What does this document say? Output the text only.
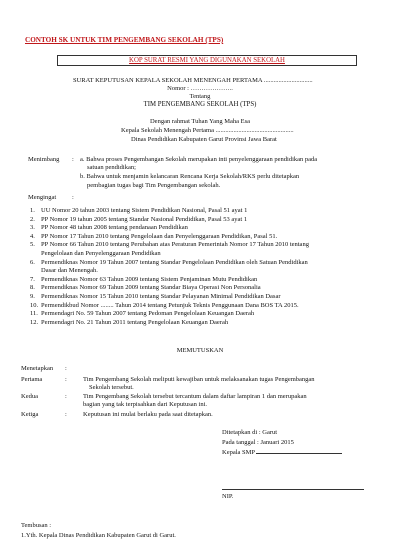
CONTOH SK UNTUK TIM PENGEMBANG SEKOLAH (TPS)
KOP SURAT RESMI YANG DIGUNAKAN SEKOLAH
SURAT KEPUTUSAN KEPALA SEKOLAH MENENGAH PERTAMA ..............................
Nomor : ………………..
Tentang
TIM PENGEMBANG SEKOLAH (TPS)
Dengan rahmat Tuhan Yang Maha Esa
Kepala Sekolah Menengah Pertama ................................................
Dinas Pendidikan Kabupaten Garut Provinsi Jawa Barat
Menimbang : a. Bahwa proses Pengembangan Sekolah merupakan inti penyelenggaraan pendidikan pada
satuan pendidikan;
b. Bahwa untuk menjamin kelancaran Rencana Kerja Sekolah/RKS perlu ditetapkan
pembagian tugas bagi Tim Pengembangan sekolah.
Mengingat :
1. UU Nomor 20 tahun 2003 tentang Sistem Pendidikan Nasional, Pasal 51 ayat 1
2. PP Nomor 19 tahun 2005 tentang Standar Nasional Pendidikan, Pasal 53 ayat 1
3. PP Nomor 48 tahun 2008 tentang pendanaan Pendidikan
4. PP Nomor 17 Tahun 2010 tentang Pengelolaan dan Penyelenggaraan Pendidikan, Pasal 51.
5. PP Nomor 66 Tahun 2010 tentang Perubahan atas Peraturan Pemerintah Nomor 17 Tahun 2010 tentang
Pengelolaan dan Penyelenggaraan Pendidikan
6. Permendiknas Nomor 19 Tahun 2007 tentang Standar Pengelolaan Pendidikan oleh Satuan Pendidikan
Dasar dan Menengah.
7. Permendiknas Nomor 63 Tahun 2009 tentang Sistem Penjaminan Mutu Pendidikan
8. Permendiknas Nomor 69 Tahun 2009 tentang Standar Biaya Operasi Non Personalia
9. Permendiknas Nomor 15 Tahun 2010 tentang Standar Pelayanan Minimal Pendidikan Dasar
10. Permendikbud Nomor ........ Tahun 2014 tentang Petunjuk Teknis Penggunaan Dana BOS TA 2015.
11. Permendagri No. 59 Tahun 2007 tentang Pedoman Pengelolaan Keuangan Daerah
12. Permendagri No. 21 Tahun 2011 tentang Pengelolaan Keuangan Daerah
MEMUTUSKAN
Menetapkan :
Pertama	: Tim Pengembang Sekolah meliputi kewajiban untuk melaksanakan tugas Pengembangan
Sekolah tersebut.
Kedua	: Tim Pengembang Sekolah tersebut tercantum dalam daftar lampiran 1 dan merupakan
bagian yang tak terpisahkan dari Keputusan ini.
Ketiga	: Keputusan ini mulai berlaku pada saat ditetapkan.
Ditetapkan di : Garut
Pada tanggal : Januari 2015
Kepala SMP
NIP.
Tembusan :
1.Yth. Kepala Dinas Pendidikan Kabupaten Garut di Garut.
